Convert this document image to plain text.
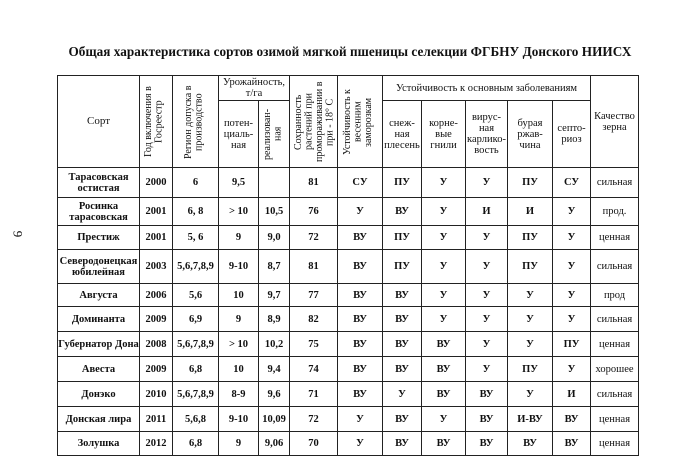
9
Общая характеристика сортов озимой мягкой пшеницы селекции ФГБНУ Донского НИИСХ
Сорт	Год включения в Госреестр	Регион допуска в производство	Урожайность, т/га		Сохранность растений при промораживании в при - 18° С	Устойчивость к весенним заморозкам	Устойчивость к основным заболеваниям					Качество зерна
			потен-циаль-ная	реализован-ная			снеж-ная плесень	корне-вые гнили	вирус-ная карлико-вость	бурая ржав-чина	септо-риоз	
Тарасовская остистая	2000	6	9,5		81	СУ	ПУ	У	У	ПУ	СУ	сильная
Росинка тарасовская	2001	6, 8	> 10	10,5	76	У	ВУ	У	И	И	У	прод.
Престиж	2001	5, 6	9	9,0	72	ВУ	ПУ	У	У	ПУ	У	ценная
Северодонецкая юбилейная	2003	5,6,7,8,9	9-10	8,7	81	ВУ	ПУ	У	У	ПУ	У	сильная
Августа	2006	5,6	10	9,7	77	ВУ	ВУ	У	У	У	У	прод
Доминанта	2009	6,9	9	8,9	82	ВУ	ВУ	У	У	У	У	сильная
Губернатор Дона	2008	5,6,7,8,9	> 10	10,2	75	ВУ	ВУ	ВУ	У	У	ПУ	ценная
Авеста	2009	6,8	10	9,4	74	ВУ	ВУ	ВУ	У	ПУ	У	хорошее
Донэко	2010	5,6,7,8,9	8-9	9,6	71	ВУ	У	ВУ	ВУ	У	И	сильная
Донская лира	2011	5,6,8	9-10	10,09	72	У	ВУ	У	ВУ	И-ВУ	ВУ	ценная
Золушка	2012	6,8	9	9,06	70	У	ВУ	ВУ	ВУ	ВУ	ВУ	ценная
